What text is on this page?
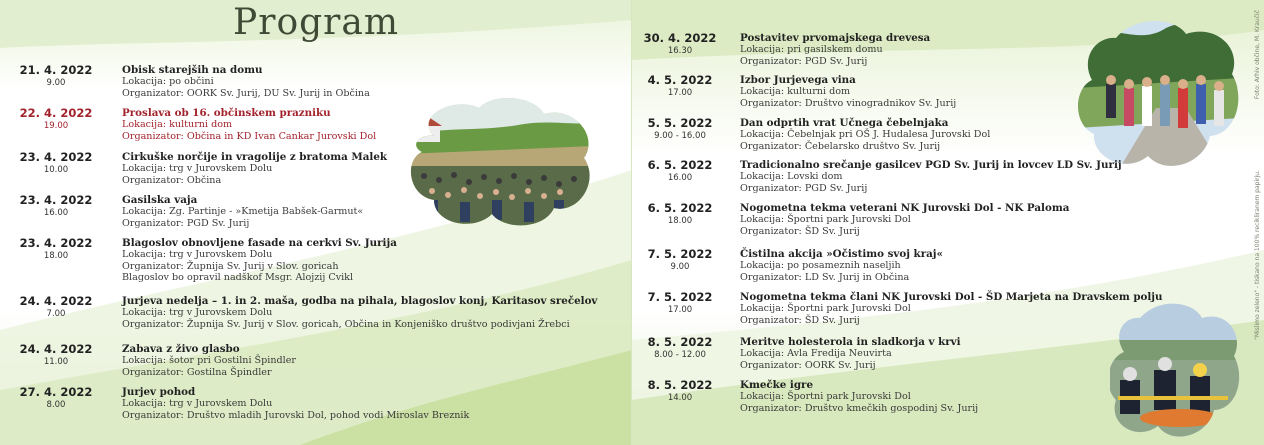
Program
21. 4. 2022
9.00
Obisk starejših na domu
Lokacija: po občini
Organizator: OORK Sv. Jurij, DU Sv. Jurij in Občina
22. 4. 2022
19.00
Proslava ob 16. občinskem prazniku
Lokacija: kulturni dom
Organizator: Občina in KD Ivan Cankar Jurovski Dol
23. 4. 2022
10.00
Cirkuške norčije in vragolije z bratoma Malek
Lokacija: trg v Jurovskem Dolu
Organizator: Občina
23. 4. 2022
16.00
Gasilska vaja
Lokacija: Zg. Partinje - »Kmetija Babšek-Garmut«
Organizator: PGD Sv. Jurij
23. 4. 2022
18.00
Blagoslov obnovljene fasade na cerkvi Sv. Jurija
Lokacija: trg v Jurovskem Dolu
Organizator: Župnija Sv. Jurij v Slov. goricah
Blagoslov bo opravil nadškof Msgr. Alojzij Cvikl
24. 4. 2022
7.00
Jurjeva nedelja – 1. in 2. maša, godba na pihala, blagoslov konj, Karitasov srečelov
Lokacija: trg v Jurovskem Dolu
Organizator: Župnija Sv. Jurij v Slov. goricah, Občina in Konjeniško društvo podivjani Žrebci
24. 4. 2022
11.00
Zabava z živo glasbo
Lokacija: šotor pri Gostilni Špindler
Organizator: Gostilna Špindler
27. 4. 2022
8.00
Jurjev pohod
Lokacija: trg v Jurovskem Dolu
Organizator: Društvo mladih Jurovski Dol, pohod vodi Miroslav Breznik
30. 4. 2022
16.30
Postavitev prvomajskega drevesa
Lokacija: pri gasilskem domu
Organizator: PGD Sv. Jurij
4. 5. 2022
17.00
Izbor Jurjevega vina
Lokacija: kulturni dom
Organizator: Društvo vinogradnikov Sv. Jurij
5. 5. 2022
9.00 - 16.00
Dan odprtih vrat Učnega čebelnjaka
Lokacija: Čebelnjak pri OŠ J. Hudalesa Jurovski Dol
Organizator: Čebelarsko društvo Sv. Jurij
6. 5. 2022
16.00
Tradicionalno srečanje gasilcev PGD Sv. Jurij in lovcev LD Sv. Jurij
Lokacija: Lovski dom
Organizator: PGD Sv. Jurij
6. 5. 2022
18.00
Nogometna tekma veterani NK Jurovski Dol - NK Paloma
Lokacija: Športni park Jurovski Dol
Organizator: ŠD Sv. Jurij
7. 5. 2022
9.00
Čistilna akcija »Očistimo svoj kraj«
Lokacija: po posameznih naseljih
Organizator: LD Sv. Jurij in Občina
7. 5. 2022
17.00
Nogometna tekma člani NK Jurovski Dol - ŠD Marjeta na Dravskem polju
Lokacija: Športni park Jurovski Dol
Organizator: ŠD Sv. Jurij
8. 5. 2022
8.00 - 12.00
Meritve holesterola in sladkorja v krvi
Lokacija: Avla Fredija Neuvirta
Organizator: OORK Sv. Jurij
8. 5. 2022
14.00
Kmečke igre
Lokacija: Športni park Jurovski Dol
Organizator: Društvo kmečkih gospodinj Sv. Jurij
Foto: Arhiv občine, M. Kraučič
"Mislimo zeleno" - tiskano na 100% recikliranem papirju.
